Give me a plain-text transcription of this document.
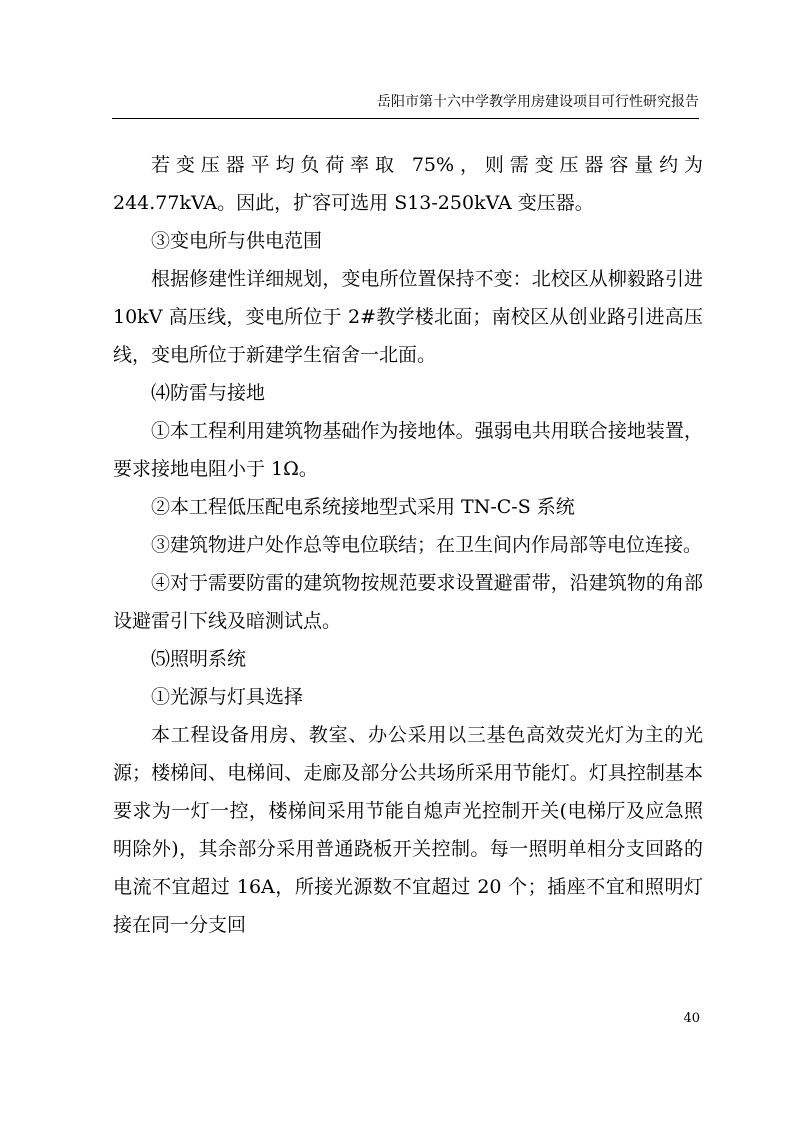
岳阳市第十六中学教学用房建设项目可行性研究报告

若变压器平均负荷率取 75%，则需变压器容量约为 244.77kVA。因此，扩容可选用 S13-250kVA 变压器。

③变电所与供电范围

根据修建性详细规划，变电所位置保持不变：北校区从柳毅路引进10kV 高压线，变电所位于 2#教学楼北面；南校区从创业路引进高压线，变电所位于新建学生宿舍一北面。

⑷防雷与接地

①本工程利用建筑物基础作为接地体。强弱电共用联合接地装置，要求接地电阻小于 1Ω。

②本工程低压配电系统接地型式采用 TN-C-S 系统

③建筑物进户处作总等电位联结；在卫生间内作局部等电位连接。

④对于需要防雷的建筑物按规范要求设置避雷带，沿建筑物的角部设避雷引下线及暗测试点。

⑸照明系统

①光源与灯具选择

本工程设备用房、教室、办公采用以三基色高效荧光灯为主的光源；楼梯间、电梯间、走廊及部分公共场所采用节能灯。灯具控制基本要求为一灯一控，楼梯间采用节能自熄声光控制开关(电梯厅及应急照明除外)，其余部分采用普通跷板开关控制。每一照明单相分支回路的电流不宜超过 16A，所接光源数不宜超过 20 个；插座不宜和照明灯接在同一分支回

40
